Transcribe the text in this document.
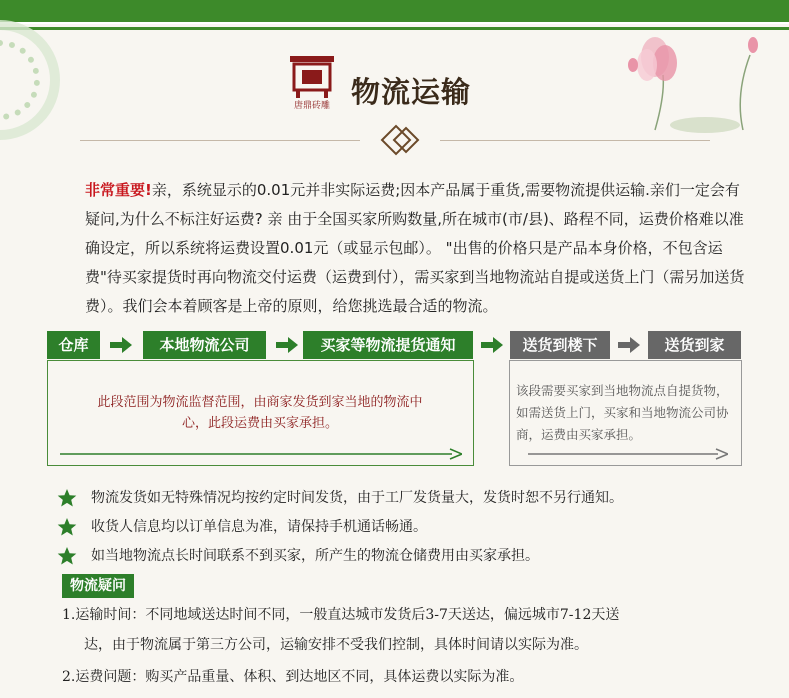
唐鼎砖雕 物流运输
非常重要!亲，系统显示的0.01元并非实际运费;因本产品属于重货,需要物流提供运输.亲们一定会有疑问,为什么不标注好运费? 亲 由于全国买家所购数量,所在城市(市/县)、路程不同，运费价格难以准确设定，所以系统将运费设置0.01元（或显示包邮）。 "出售的价格只是产品本身价格，不包含运费"待买家提货时再向物流交付运费（运费到付），需买家到当地物流站自提或送货上门（需另加送货费）。我们会本着顾客是上帝的原则，给您挑选最合适的物流。
仓库	本地物流公司	买家等物流提货通知	送货到楼下	送货到家
此段范围为物流监督范围，由商家发货到家当地的物流中心，此段运费由买家承担。
该段需要买家到当地物流点自提货物，如需送货上门，买家和当地物流公司协商，运费由买家承担。
物流发货如无特殊情况均按约定时间发货，由于工厂发货量大，发货时恕不另行通知。
收货人信息均以订单信息为准，请保持手机通话畅通。
如当地物流点长时间联系不到买家，所产生的物流仓储费用由买家承担。
物流疑问
1.运输时间：不同地域送达时间不同，一般直达城市发货后3-7天送达，偏远城市7-12天送
达，由于物流属于第三方公司，运输安排不受我们控制，具体时间请以实际为准。
2.运费问题：购买产品重量、体积、到达地区不同，具体运费以实际为准。
